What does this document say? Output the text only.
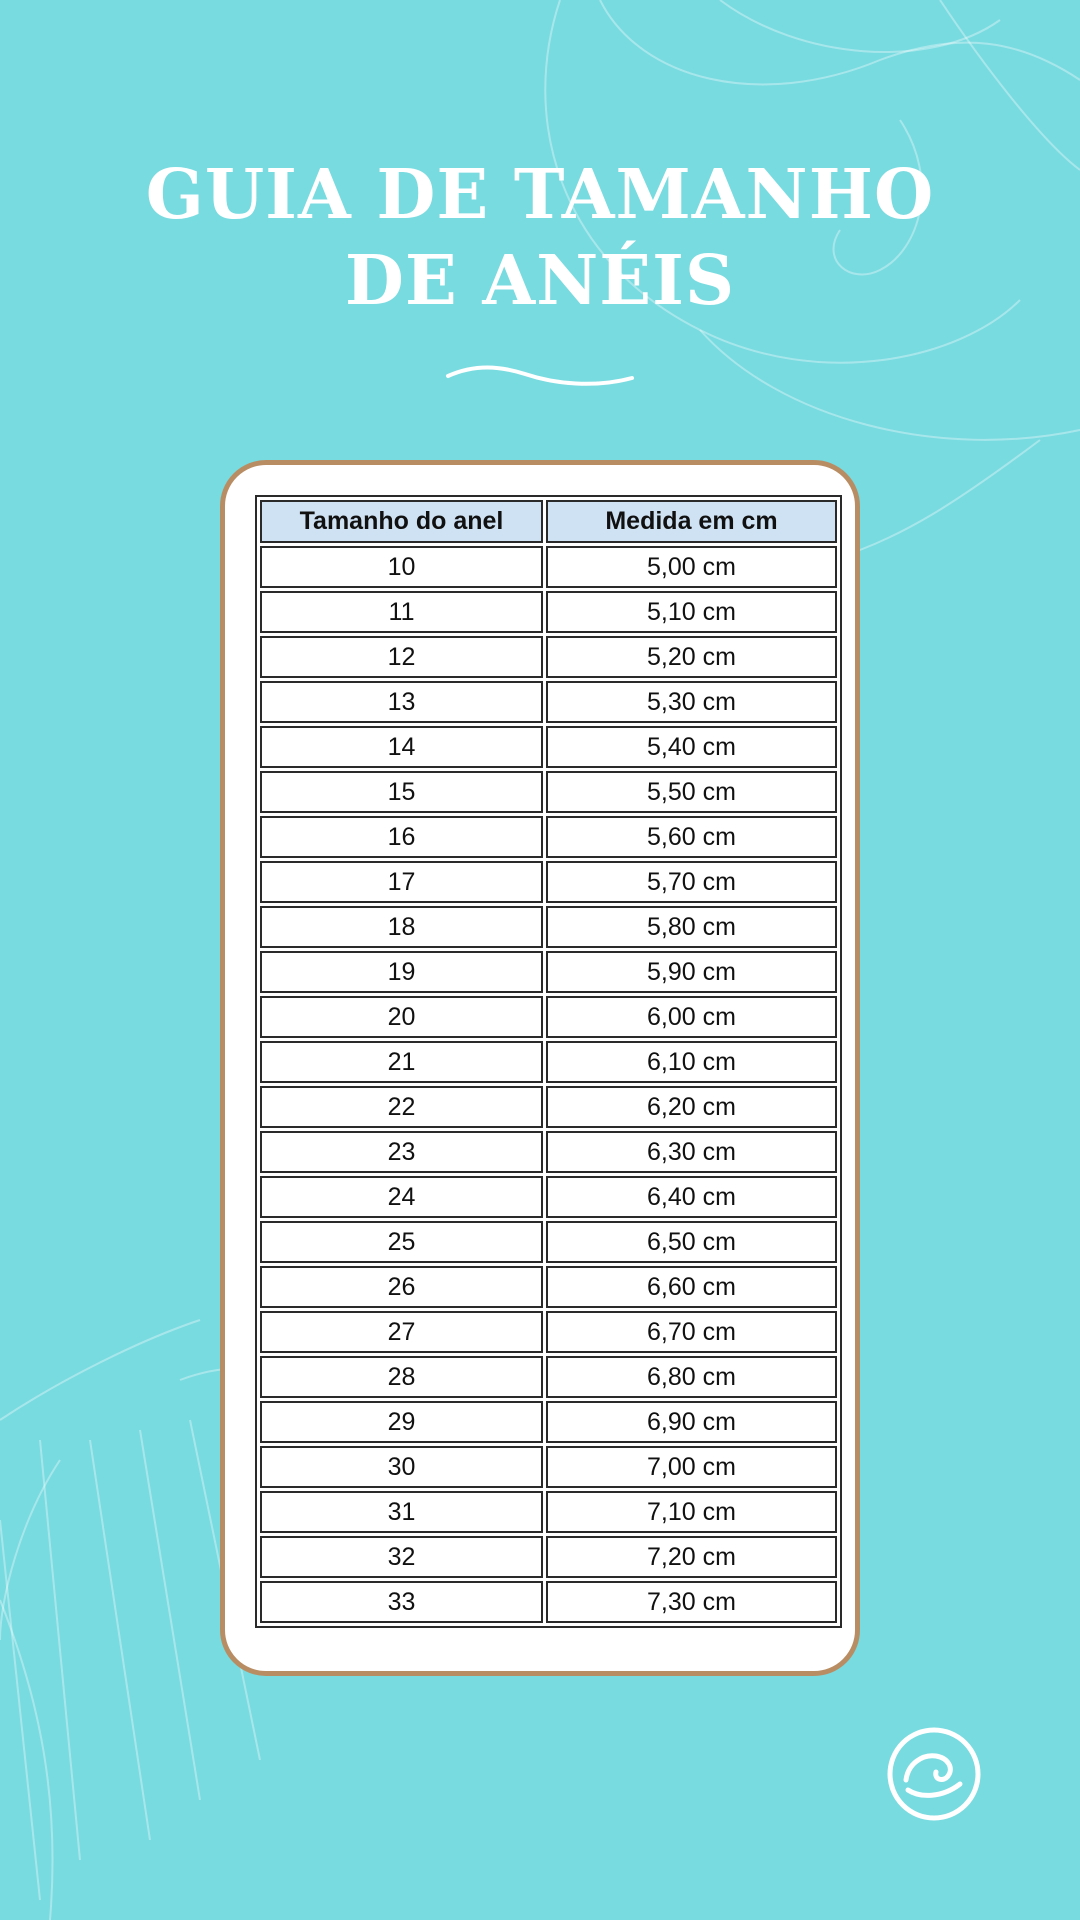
GUIA DE TAMANHO
DE ANÉIS
Tamanho do anel	Medida em cm
10	5,00 cm
11	5,10 cm
12	5,20 cm
13	5,30 cm
14	5,40 cm
15	5,50 cm
16	5,60 cm
17	5,70 cm
18	5,80 cm
19	5,90 cm
20	6,00 cm
21	6,10 cm
22	6,20 cm
23	6,30 cm
24	6,40 cm
25	6,50 cm
26	6,60 cm
27	6,70 cm
28	6,80 cm
29	6,90 cm
30	7,00 cm
31	7,10 cm
32	7,20 cm
33	7,30 cm
